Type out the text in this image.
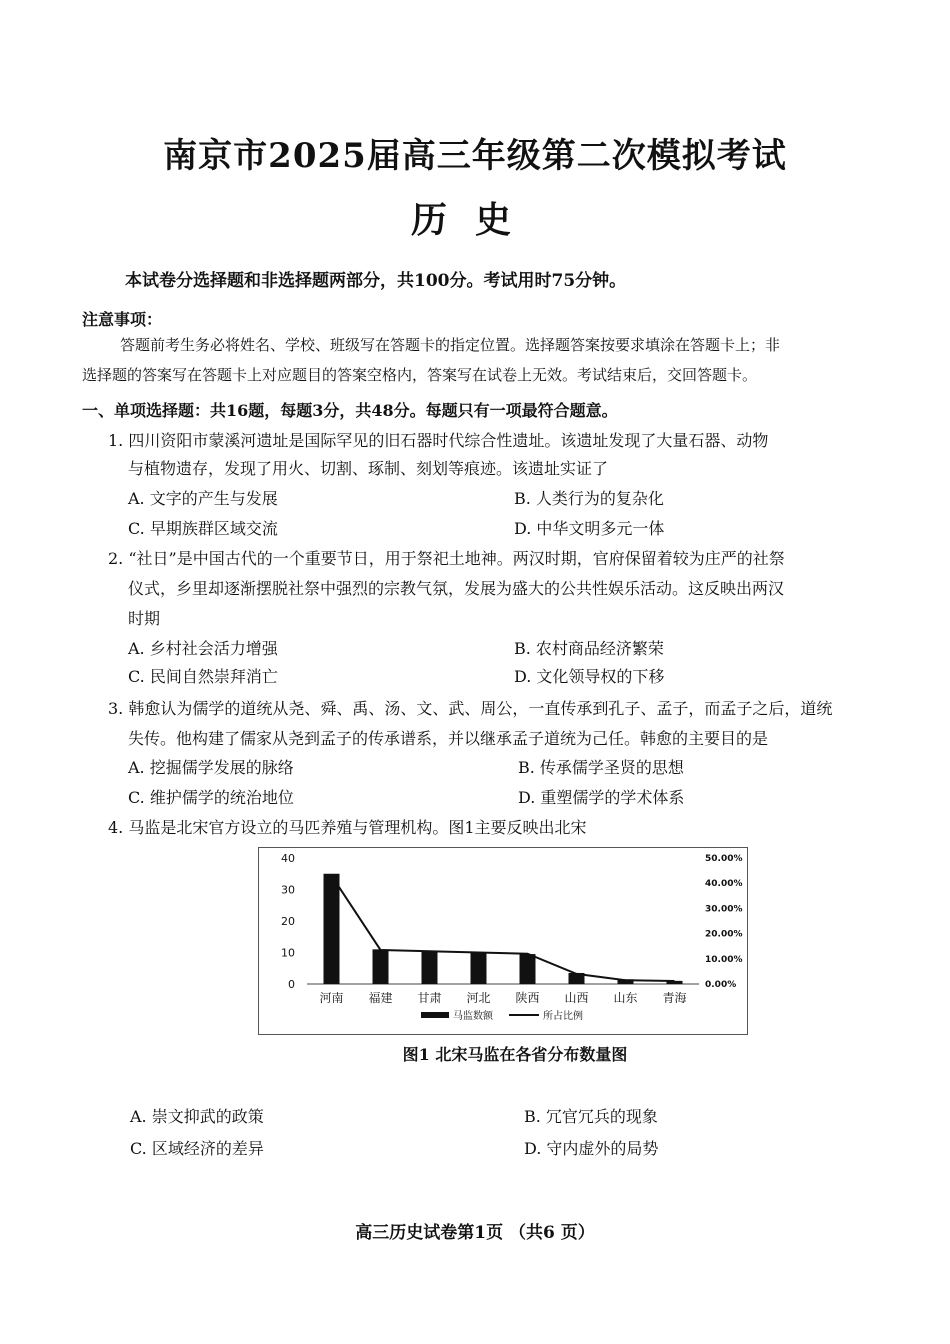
南京市2025届高三年级第二次模拟考试
历史
本试卷分选择题和非选择题两部分，共100分。考试用时75分钟。
注意事项：
答题前考生务必将姓名、学校、班级写在答题卡的指定位置。选择题答案按要求填涂在答题卡上；非
选择题的答案写在答题卡上对应题目的答案空格内，答案写在试卷上无效。考试结束后，交回答题卡。
一、单项选择题：共16题，每题3分，共48分。每题只有一项最符合题意。
1. 四川资阳市蒙溪河遗址是国际罕见的旧石器时代综合性遗址。该遗址发现了大量石器、动物
与植物遗存，发现了用火、切割、琢制、刻划等痕迹。该遗址实证了
A. 文字的产生与发展	B. 人类行为的复杂化
C. 早期族群区域交流	D. 中华文明多元一体
2. “社日”是中国古代的一个重要节日，用于祭祀土地神。两汉时期，官府保留着较为庄严的社祭
仪式，乡里却逐渐摆脱社祭中强烈的宗教气氛，发展为盛大的公共性娱乐活动。这反映出两汉
时期
A. 乡村社会活力增强	B. 农村商品经济繁荣
C. 民间自然崇拜消亡	D. 文化领导权的下移
3. 韩愈认为儒学的道统从尧、舜、禹、汤、文、武、周公，一直传承到孔子、孟子，而孟子之后，道统
失传。他构建了儒家从尧到孟子的传承谱系，并以继承孟子道统为己任。韩愈的主要目的是
A. 挖掘儒学发展的脉络	B. 传承儒学圣贤的思想
C. 维护儒学的统治地位	D. 重塑儒学的学术体系
4. 马监是北宋官方设立的马匹养殖与管理机构。图1主要反映出北宋
0
10
20
30
40
0.00%
10.00%
20.00%
30.00%
40.00%
50.00%
河南 福建 甘肃 河北 陕西 山西 山东 青海
马监数额	所占比例
图1 北宋马监在各省分布数量图
A. 崇文抑武的政策	B. 冗官冗兵的现象
C. 区域经济的差异	D. 守内虚外的局势
高三历史试卷第1页 （共6 页）
